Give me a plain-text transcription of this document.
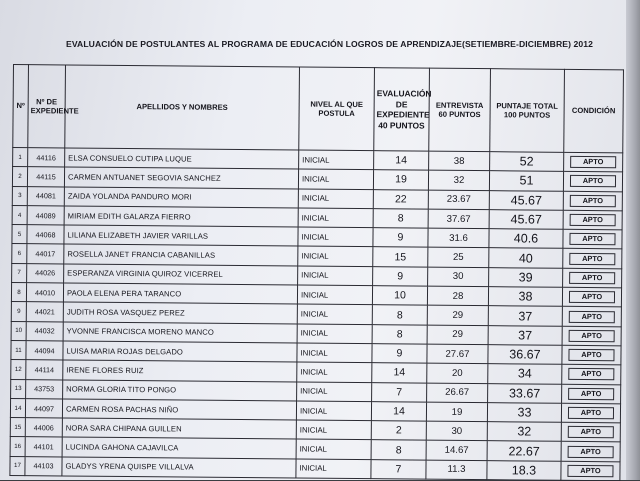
EVALUACIÓN DE POSTULANTES AL PROGRAMA DE EDUCACIÓN LOGROS DE APRENDIZAJE(SETIEMBRE-DICIEMBRE) 2012
Nº	Nº DE EXPEDIENTE	APELLIDOS Y NOMBRES	NIVEL AL QUE POSTULA	EVALUACIÓN DE EXPEDIENTE 40 PUNTOS	ENTREVISTA 60 PUNTOS	PUNTAJE TOTAL 100 PUNTOS	CONDICIÓN
1	44116	ELSA CONSUELO CUTIPA LUQUE	INICIAL	14	38	52	APTO

2	44115	CARMEN ANTUANET SEGOVIA SANCHEZ	INICIAL	19	32	51	APTO

3	44081	ZAIDA YOLANDA PANDURO MORI	INICIAL	22	23.67	45.67	APTO

4	44089	MIRIAM EDITH GALARZA FIERRO	INICIAL	8	37.67	45.67	APTO

5	44068	LILIANA ELIZABETH JAVIER VARILLAS	INICIAL	9	31.6	40.6	APTO

6	44017	ROSELLA JANET FRANCIA CABANILLAS	INICIAL	15	25	40	APTO

7	44026	ESPERANZA VIRGINIA QUIROZ VICERREL	INICIAL	9	30	39	APTO

8	44010	PAOLA ELENA PERA TARANCO	INICIAL	10	28	38	APTO

9	44021	JUDITH ROSA VASQUEZ PEREZ	INICIAL	8	29	37	APTO

10	44032	YVONNE FRANCISCA MORENO MANCO	INICIAL	8	29	37	APTO

11	44094	LUISA MARIA ROJAS DELGADO	INICIAL	9	27.67	36.67	APTO

12	44114	IRENE FLORES RUIZ	INICIAL	14	20	34	APTO

13	43753	NORMA GLORIA TITO PONGO	INICIAL	7	26.67	33.67	APTO

14	44097	CARMEN ROSA PACHAS NIÑO	INICIAL	14	19	33	APTO

15	44006	NORA SARA CHIPANA GUILLEN	INICIAL	2	30	32	APTO

16	44101	LUCINDA GAHONA CAJAVILCA	INICIAL	8	14.67	22.67	APTO

17	44103	GLADYS YRENA QUISPE VILLALVA	INICIAL	7	11.3	18.3	APTO
